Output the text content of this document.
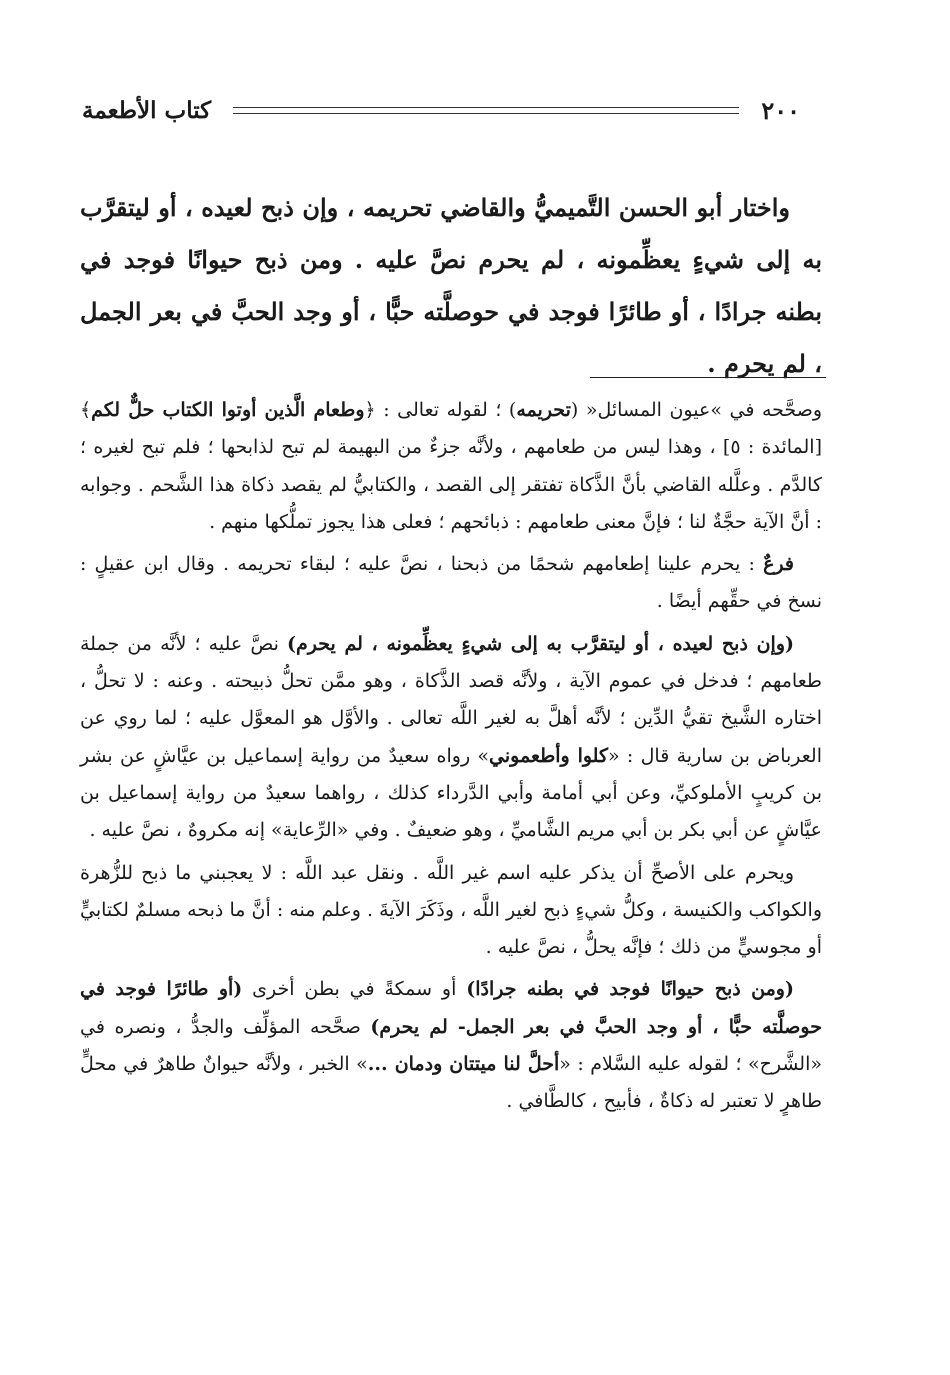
٢٠٠
كتاب الأطعمة

واختار أبو الحسن التَّميميُّ والقاضي تحريمه ، وإن ذبح لعيده ، أو ليتقرَّب به إلى شيءٍ يعظِّمونه ، لم يحرم نصَّ عليه . ومن ذبح حيوانًا فوجد في بطنه جرادًا ، أو طائرًا فوجد في حوصلَّته حبًّا ، أو وجد الحبَّ في بعر الجمل ، لم يحرم .

وصحَّحه في »عيون المسائل« (تحريمه) ؛ لقوله تعالى : ﴿وطعام الَّذين أوتوا الكتاب حلٌّ لكم﴾ [المائدة : ٥] ، وهذا ليس من طعامهم ، ولأنَّه جزءٌ من البهيمة لم تبح لذابحها ؛ فلم تبح لغيره ؛ كالدَّم . وعلَّله القاضي بأنَّ الذَّكاة تفتقر إلى القصد ، والكتابيُّ لم يقصد ذكاة هذا الشَّحم . وجوابه : أنَّ الآية حجَّةٌ لنا ؛ فإنَّ معنى طعامهم : ذبائحهم ؛ فعلى هذا يجوز تملُّكها منهم .

فرعٌ : يحرم علينا إطعامهم شحمًا من ذبحنا ، نصَّ عليه ؛ لبقاء تحريمه . وقال ابن عقيلٍ : نسخ في حقِّهم أيضًا .

(وإن ذبح لعيده ، أو ليتقرَّب به إلى شيءٍ يعظِّمونه ، لم يحرم) نصَّ عليه ؛ لأنَّه من جملة طعامهم ؛ فدخل في عموم الآية ، ولأنَّه قصد الذَّكاة ، وهو ممَّن تحلُّ ذبيحته . وعنه : لا تحلُّ ، اختاره الشَّيخ تقيُّ الدِّين ؛ لأنَّه أهلَّ به لغير اللَّه تعالى . والأوَّل هو المعوَّل عليه ؛ لما روي عن العرباض بن سارية قال : «كلوا وأطعموني» رواه سعيدٌ من رواية إسماعيل بن عيَّاشٍ عن بشر بن كريبٍ الأملوكيِّ، وعن أبي أمامة وأبي الدَّرداء كذلك ، رواهما سعيدٌ من رواية إسماعيل بن عيَّاشٍ عن أبي بكر بن أبي مريم الشَّاميِّ ، وهو ضعيفٌ . وفي «الرِّعاية» إنه مكروهٌ ، نصَّ عليه .

ويحرم على الأصحِّ أن يذكر عليه اسم غير اللَّه . ونقل عبد اللَّه : لا يعجبني ما ذبح للزُّهرة والكواكب والكنيسة ، وكلُّ شيءٍ ذبح لغير اللَّه ، وذَكَرَ الآيةَ . وعلم منه : أنَّ ما ذبحه مسلمٌ لكتابيٍّ أو مجوسيٍّ من ذلك ؛ فإنَّه يحلُّ ، نصَّ عليه .

(ومن ذبح حيوانًا فوجد في بطنه جرادًا) أو سمكةً في بطن أخرى (أو طائرًا فوجد في حوصلَّته حبًّا ، أو وجد الحبَّ في بعر الجمل- لم يحرم) صحَّحه المؤلِّف والجدُّ ، ونصره في «الشَّرح» ؛ لقوله عليه السَّلام : «أحلَّ لنا ميتتان ودمان ...» الخبر ، ولأنَّه حيوانٌ طاهرٌ في محلٍّ طاهرٍ لا تعتبر له ذكاةٌ ، فأبيح ، كالطَّافي .
